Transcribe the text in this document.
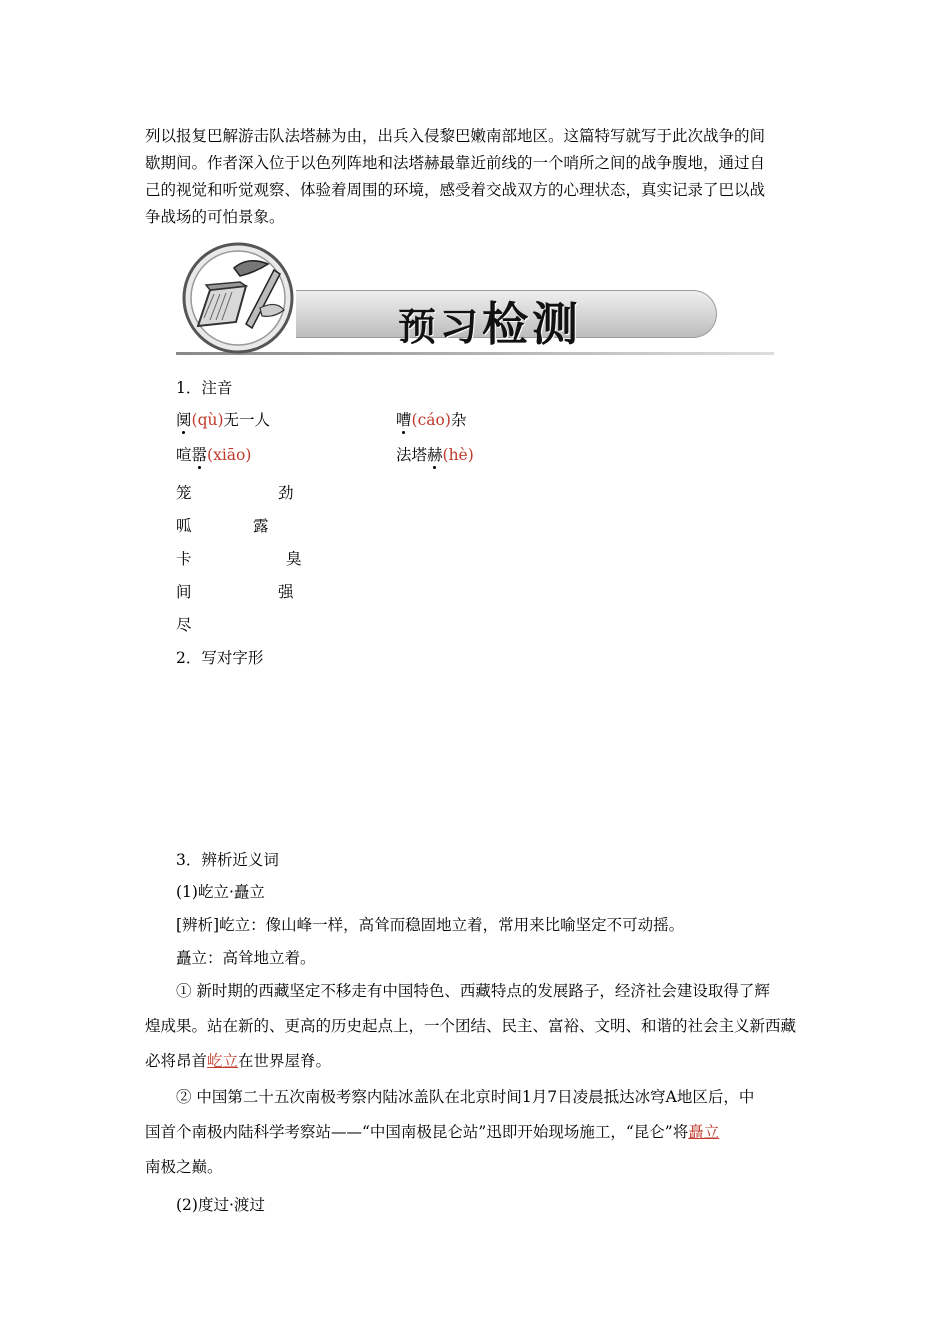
列以报复巴解游击队法塔赫为由，出兵入侵黎巴嫩南部地区。这篇特写就写于此次战争的间
歇期间。作者深入位于以色列阵地和法塔赫最靠近前线的一个哨所之间的战争腹地，通过自
己的视觉和听觉观察、体验着周围的环境，感受着交战双方的心理状态，真实记录了巴以战
争战场的可怕景象。
预习检测
1．注音
阒(qù)无一人	嘈(cáo)杂
喧嚣(xiāo)	法塔赫(hè)
笼	劲
呱	露
卡	臭
间	强
尽
2．写对字形
3．辨析近义词
(1)屹立·矗立
[辨析]屹立：像山峰一样，高耸而稳固地立着，常用来比喻坚定不可动摇。
矗立：高耸地立着。
① 新时期的西藏坚定不移走有中国特色、西藏特点的发展路子，经济社会建设取得了辉
煌成果。站在新的、更高的历史起点上，一个团结、民主、富裕、文明、和谐的社会主义新西藏
必将昂首屹立在世界屋脊。
② 中国第二十五次南极考察内陆冰盖队在北京时间1月7日凌晨抵达冰穹A地区后，中
国首个南极内陆科学考察站——“中国南极昆仑站”迅即开始现场施工，“昆仑”将矗立
南极之巅。
(2)度过·渡过
